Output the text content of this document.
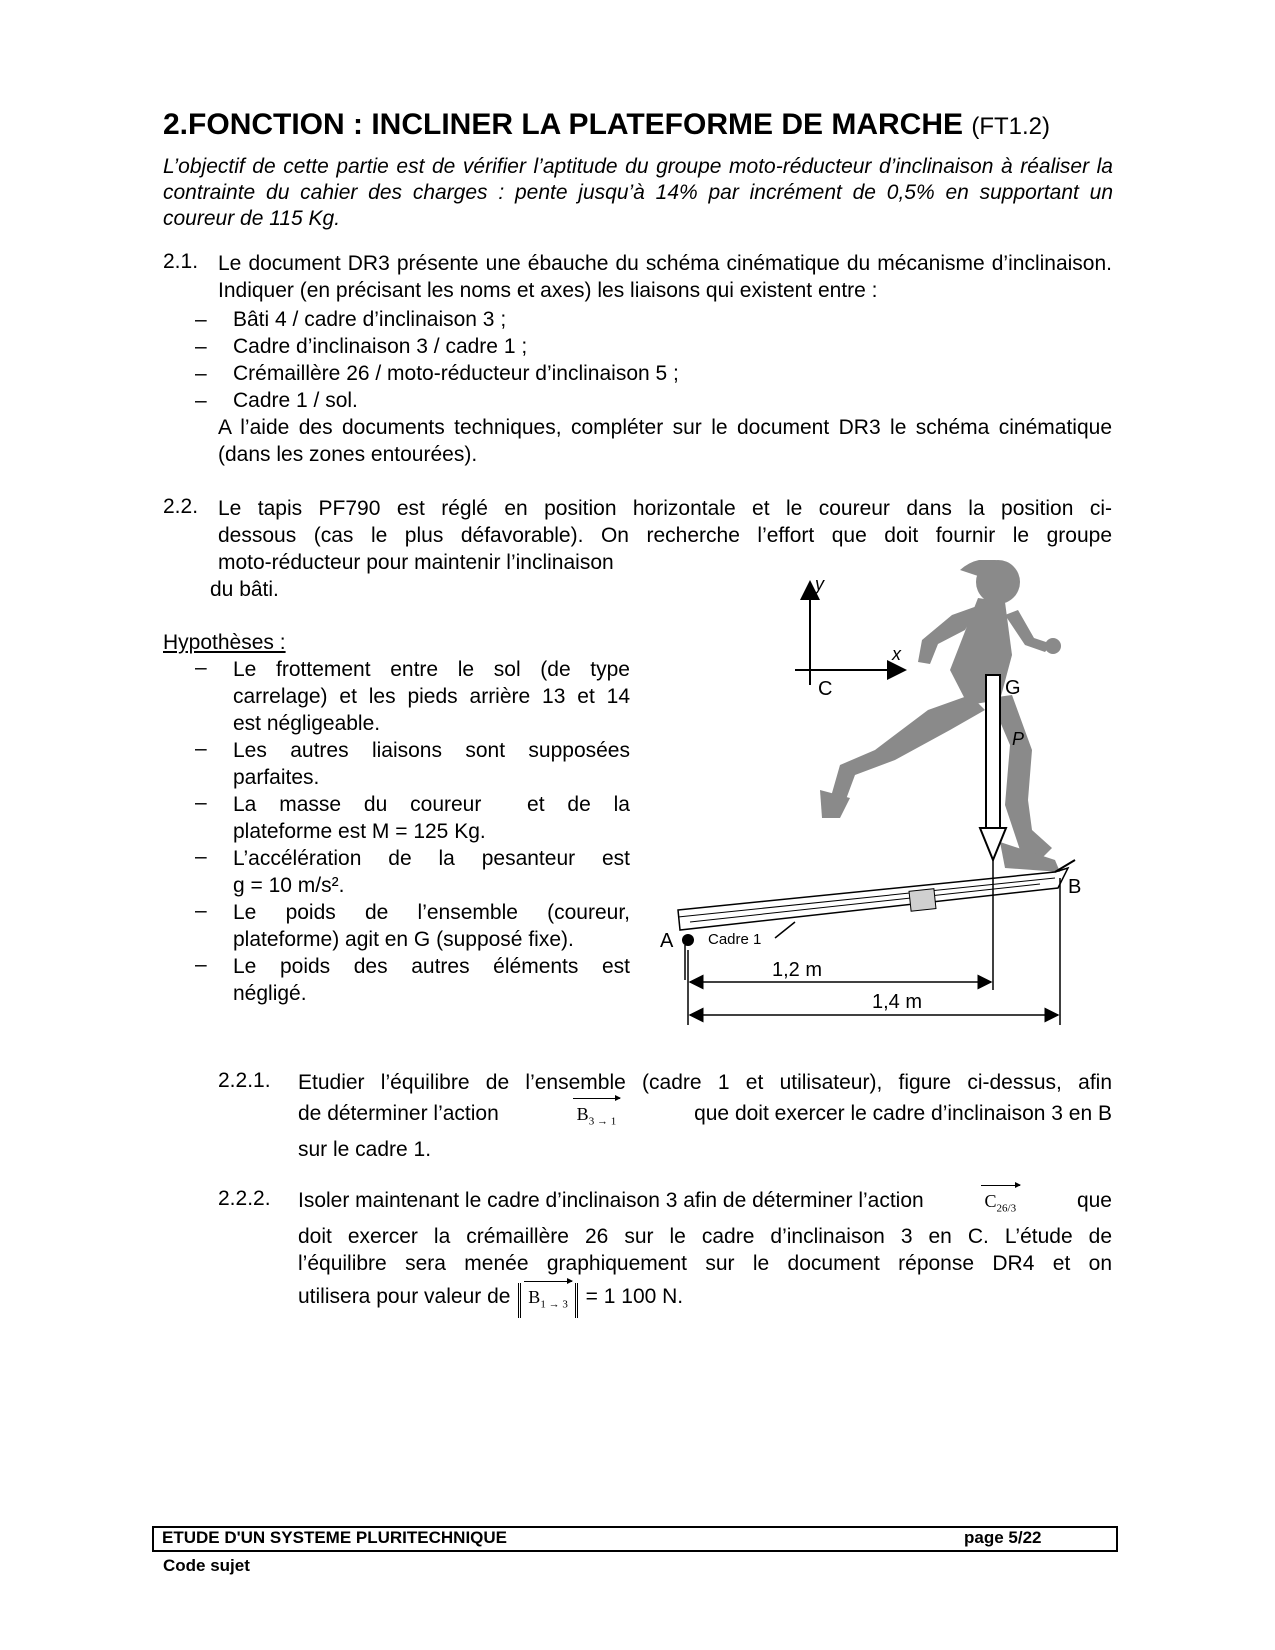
2.FONCTION : INCLINER LA PLATEFORME DE MARCHE (FT1.2)
L’objectif de cette partie est de vérifier l’aptitude du groupe moto-réducteur d’inclinaison à réaliser la contrainte du cahier des charges : pente jusqu’à 14% par incrément de 0,5% en supportant un coureur de 115 Kg.
2.1. Le document DR3 présente une ébauche du schéma cinématique du mécanisme d’inclinaison. Indiquer (en précisant les noms et axes) les liaisons qui existent entre :
– Bâti 4 / cadre d’inclinaison 3 ;
– Cadre d’inclinaison 3 / cadre 1 ;
– Crémaillère 26 / moto-réducteur d’inclinaison 5 ;
– Cadre 1 / sol.
A l’aide des documents techniques, compléter sur le document DR3 le schéma cinématique (dans les zones entourées).
2.2. Le tapis PF790 est réglé en position horizontale et le coureur dans la position ci-
dessous (cas le plus défavorable). On recherche l’effort que doit fournir le groupe
moto-réducteur pour maintenir l’inclinaison
du bâti.
Hypothèses :
– Le frottement entre le sol (de type
carrelage) et les pieds arrière 13 et 14
est négligeable.
– Les autres liaisons sont supposées
parfaites.
– La masse du coureur  et de la
plateforme est M = 125 Kg.
– L’accélération de la pesanteur est
g = 10 m/s².
– Le poids de l’ensemble (coureur,
plateforme) agit en G (supposé fixe).
– Le poids des autres éléments est
négligé.
y
x
C	G
P
A
B
Cadre 1
1,2 m
1,4 m
2.2.1. Etudier l’équilibre de l’ensemble (cadre 1 et utilisateur), figure ci-dessus, afin
de déterminer l’action	$B_{3 \to 1}$	que doit exercer le cadre d’inclinaison 3 en B
sur le cadre 1.
2.2.2. Isoler maintenant le cadre d’inclinaison 3 afin de déterminer l’action	$C_{26/3}$	que
doit exercer la crémaillère 26 sur le cadre d’inclinaison 3 en C. L’étude de
l’équilibre sera menée graphiquement sur le document réponse DR4 et on
utilisera pour valeur de $B_{1 \to 3} = 1$ 100 N.
ETUDE D'UN SYSTEME PLURITECHNIQUE	page 5/22
Code sujet
